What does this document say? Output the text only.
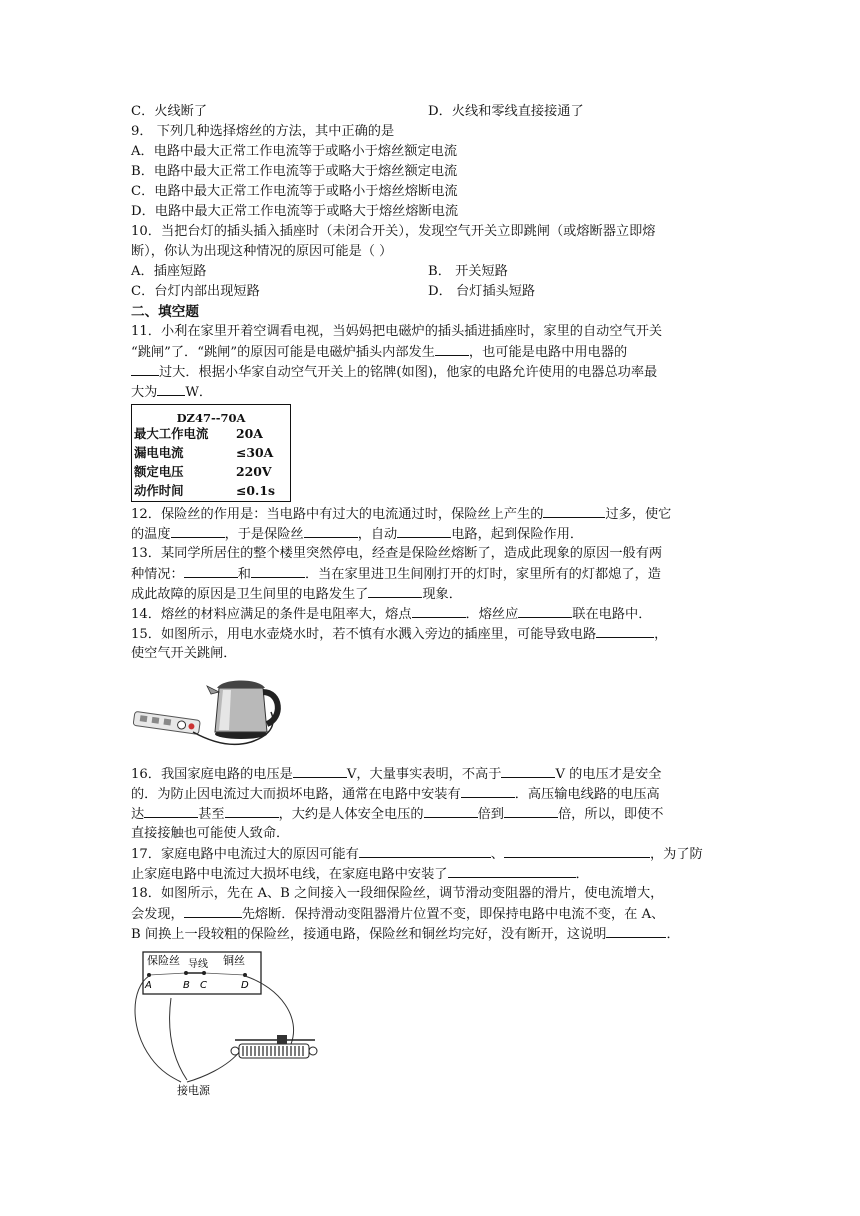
C．火线断了	D．火线和零线直接接通了
9． 下列几种选择熔丝的方法，其中正确的是
A．电路中最大正常工作电流等于或略小于熔丝额定电流
B．电路中最大正常工作电流等于或略大于熔丝额定电流
C．电路中最大正常工作电流等于或略小于熔丝熔断电流
D．电路中最大正常工作电流等于或略大于熔丝熔断电流
10．当把台灯的插头插入插座时（未闭合开关），发现空气开关立即跳闸（或熔断器立即熔
断），你认为出现这种情况的原因可能是（ ）
A．插座短路	B． 开关短路
C．台灯内部出现短路	D． 台灯插头短路
二、填空题
11．小利在家里开着空调看电视，当妈妈把电磁炉的插头插进插座时，家里的自动空气开关
“跳闸”了．“跳闸”的原因可能是电磁炉插头内部发生	，也可能是电路中用电器的
过大．根据小华家自动空气开关上的铭牌(如图)，他家的电路允许使用的电器总功率最
大为 W．
DZ47--70A
最大工作电流 20A
漏电电流	≤30A
额定电压	220V
动作时间	≤0.1s
12．保险丝的作用是：当电路中有过大的电流通过时，保险丝上产生的	过多，使它
的温度	，于是保险丝	，自动	电路，起到保险作用．
13．某同学所居住的整个楼里突然停电，经查是保险丝熔断了，造成此现象的原因一般有两
种情况：	和	．当在家里进卫生间刚打开的灯时，家里所有的灯都熄了，造
成此故障的原因是卫生间里的电路发生了	现象．
14．熔丝的材料应满足的条件是电阻率大，熔点	．熔丝应	联在电路中．
15．如图所示，用电水壶烧水时，若不慎有水溅入旁边的插座里，可能导致电路	，
使空气开关跳闸．
16．我国家庭电路的电压是	V，大量事实表明，不高于	V 的电压才是安全
的．为防止因电流过大而损坏电路，通常在电路中安装有	．高压输电线路的电压高
达	甚至	，大约是人体安全电压的	倍到	倍，所以，即使不
直接接触也可能使人致命．
17．家庭电路中电流过大的原因可能有	、	，为了防
止家庭电路中电流过大损坏电线，在家庭电路中安装了	．
18．如图所示，先在 A、B 之间接入一段细保险丝，调节滑动变阻器的滑片，使电流增大，
会发现，	先熔断．保持滑动变阻器滑片位置不变，即保持电路中电流不变，在 A、
B 间换上一段较粗的保险丝，接通电路，保险丝和铜丝均完好，没有断开，这说明	．
保险丝 导线 铜丝
A	B C	D
接电源
